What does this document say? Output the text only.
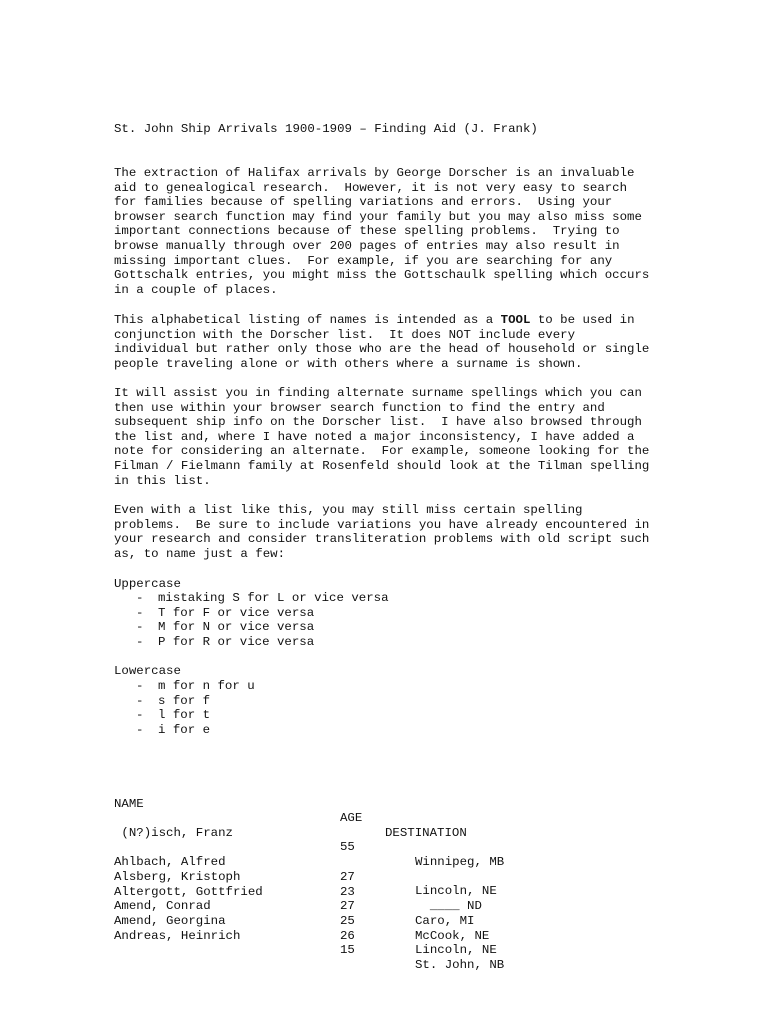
St. John Ship Arrivals 1900-1909 – Finding Aid (J. Frank)
The extraction of Halifax arrivals by George Dorscher is an invaluable
aid to genealogical research.  However, it is not very easy to search
for families because of spelling variations and errors.  Using your
browser search function may find your family but you may also miss some
important connections because of these spelling problems.  Trying to
browse manually through over 200 pages of entries may also result in
missing important clues.  For example, if you are searching for any
Gottschalk entries, you might miss the Gottschaulk spelling which occurs
in a couple of places.
This alphabetical listing of names is intended as a TOOL to be used in
conjunction with the Dorscher list.  It does NOT include every
individual but rather only those who are the head of household or single
people traveling alone or with others where a surname is shown.
It will assist you in finding alternate surname spellings which you can
then use within your browser search function to find the entry and
subsequent ship info on the Dorscher list.  I have also browsed through
the list and, where I have noted a major inconsistency, I have added a
note for considering an alternate.  For example, someone looking for the
Filman / Fielmann family at Rosenfeld should look at the Tilman spelling
in this list.
Even with a list like this, you may still miss certain spelling
problems.  Be sure to include variations you have already encountered in
your research and consider transliteration problems with old script such
as, to name just a few:
Uppercase
- mistaking S for L or vice versa
- T for F or vice versa
- M for N or vice versa
- P for R or vice versa
Lowercase
- m for n for u
- s for f
- l for t
- i for e

NAME

AGE

DESTINATION

(N?)isch, Franz

55

Winnipeg, MB

Ahlbach, Alfred

27

Lincoln, NE

Alsberg, Kristoph

23

____ ND

Altergott, Gottfried

27

Caro, MI

Amend, Conrad

25

McCook, NE

Amend, Georgina

26

Lincoln, NE

Andreas, Heinrich

15

St. John, NB
